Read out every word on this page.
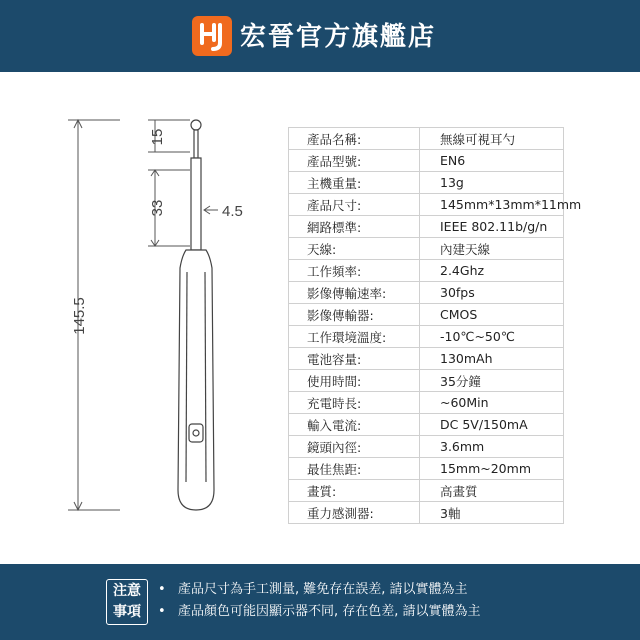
宏晉官方旗艦店
15
33	4.5
145.5
產品名稱:	無線可視耳勺
產品型號:	EN6
主機重量:	13g
產品尺寸:	145mm*13mm*11mm
網路標準:	IEEE 802.11b/g/n
天線:	內建天線
工作頻率:	2.4Ghz
影像傳輸速率:	30fps
影像傳輸器:	CMOS
工作環境溫度:	-10℃~50℃
電池容量:	130mAh
使用時間:	35分鐘
充電時長:	~60Min
輸入電流:	DC 5V/150mA
鏡頭內徑:	3.6mm
最佳焦距:	15mm~20mm
畫質:	高畫質
重力感測器:	3軸
注意
事項
• 產品尺寸為手工測量, 難免存在誤差, 請以實體為主
• 產品顏色可能因顯示器不同, 存在色差, 請以實體為主
